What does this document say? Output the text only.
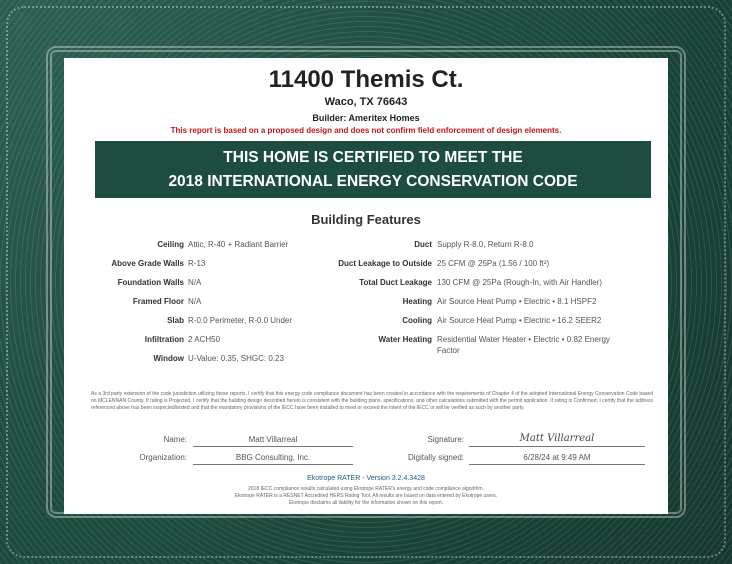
11400 Themis Ct.
Waco, TX 76643
Builder: Ameritex Homes
This report is based on a proposed design and does not confirm field enforcement of design elements.
THIS HOME IS CERTIFIED TO MEET THE
2018 INTERNATIONAL ENERGY CONSERVATION CODE
Building Features
Ceiling Attic, R-40 + Radiant Barrier
Above Grade Walls R-13
Foundation Walls N/A
Framed Floor N/A
Slab R-0.0 Perimeter, R-0.0 Under
Infiltration 2 ACH50
Window U-Value: 0.35, SHGC: 0.23
Duct Supply R-8.0, Return R-8.0
Duct Leakage to Outside 25 CFM @ 25Pa (1.56 / 100 ft²)
Total Duct Leakage 130 CFM @ 25Pa (Rough-In, with Air Handler)
Heating Air Source Heat Pump • Electric • 8.1 HSPF2
Cooling Air Source Heat Pump • Electric • 16.2 SEER2
Water Heating Residential Water Heater • Electric • 0.82 Energy Factor
As a 3rd party extension of the code jurisdiction utilizing these reports, I certify that this energy code compliance document has been created in accordance with the requirements of Chapter 4 of the adopted International Energy Conservation Code based on MCLENNAN County. If rating is Projected, I certify that the building design described herein is consistent with the building plans, specifications, and other calculations submitted with the permit application. If rating is Confirmed, I certify that the address referenced above has been inspected/tested and that the mandatory provisions of the IECC have been installed to meet or exceed the intent of the IECC or will be verified as such by another party.
Name:	Matt Villarreal	Signature:	Matt Villarreal
Organization:	BBG Consulting, Inc.	Digitally signed:	6/28/24 at 9:49 AM
Ekotrope RATER - Version 3.2.4.3428
2018 IECC compliance results calculated using Ekotrope RATER's energy and code compliance algorithm.
Ekotrope RATER is a RESNET Accredited HERS Rating Tool. All results are based on data entered by Ekotrope users.
Ekotrope disclaims all liability for the information shown on this report.
